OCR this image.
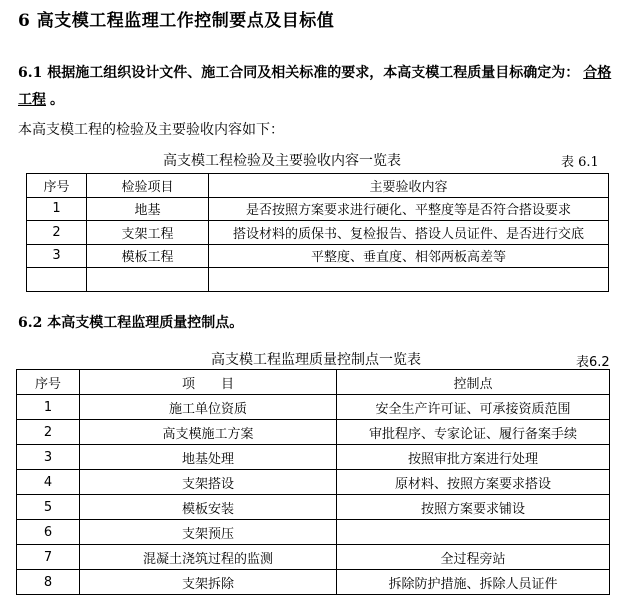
6 高支模工程监理工作控制要点及目标值
6.1 根据施工组织设计文件、施工合同及相关标准的要求，本高支模工程质量目标确定为： 合格工程 。
本高支模工程的检验及主要验收内容如下：
高支模工程检验及主要验收内容一览表	表 6.1
序号	检验项目	主要验收内容
1	地基	是否按照方案要求进行硬化、平整度等是否符合搭设要求
2	支架工程	搭设材料的质保书、复检报告、搭设人员证件、是否进行交底
3	模板工程	平整度、垂直度、相邻两板高差等

6.2 本高支模工程监理质量控制点。
高支模工程监理质量控制点一览表	表6.2
序号	项　　目	控制点
1	施工单位资质	安全生产许可证、可承接资质范围
2	高支模施工方案	审批程序、专家论证、履行备案手续
3	地基处理	按照审批方案进行处理
4	支架搭设	原材料、按照方案要求搭设
5	模板安装	按照方案要求铺设
6	支架预压	
7	混凝土浇筑过程的监测	全过程旁站
8	支架拆除	拆除防护措施、拆除人员证件
